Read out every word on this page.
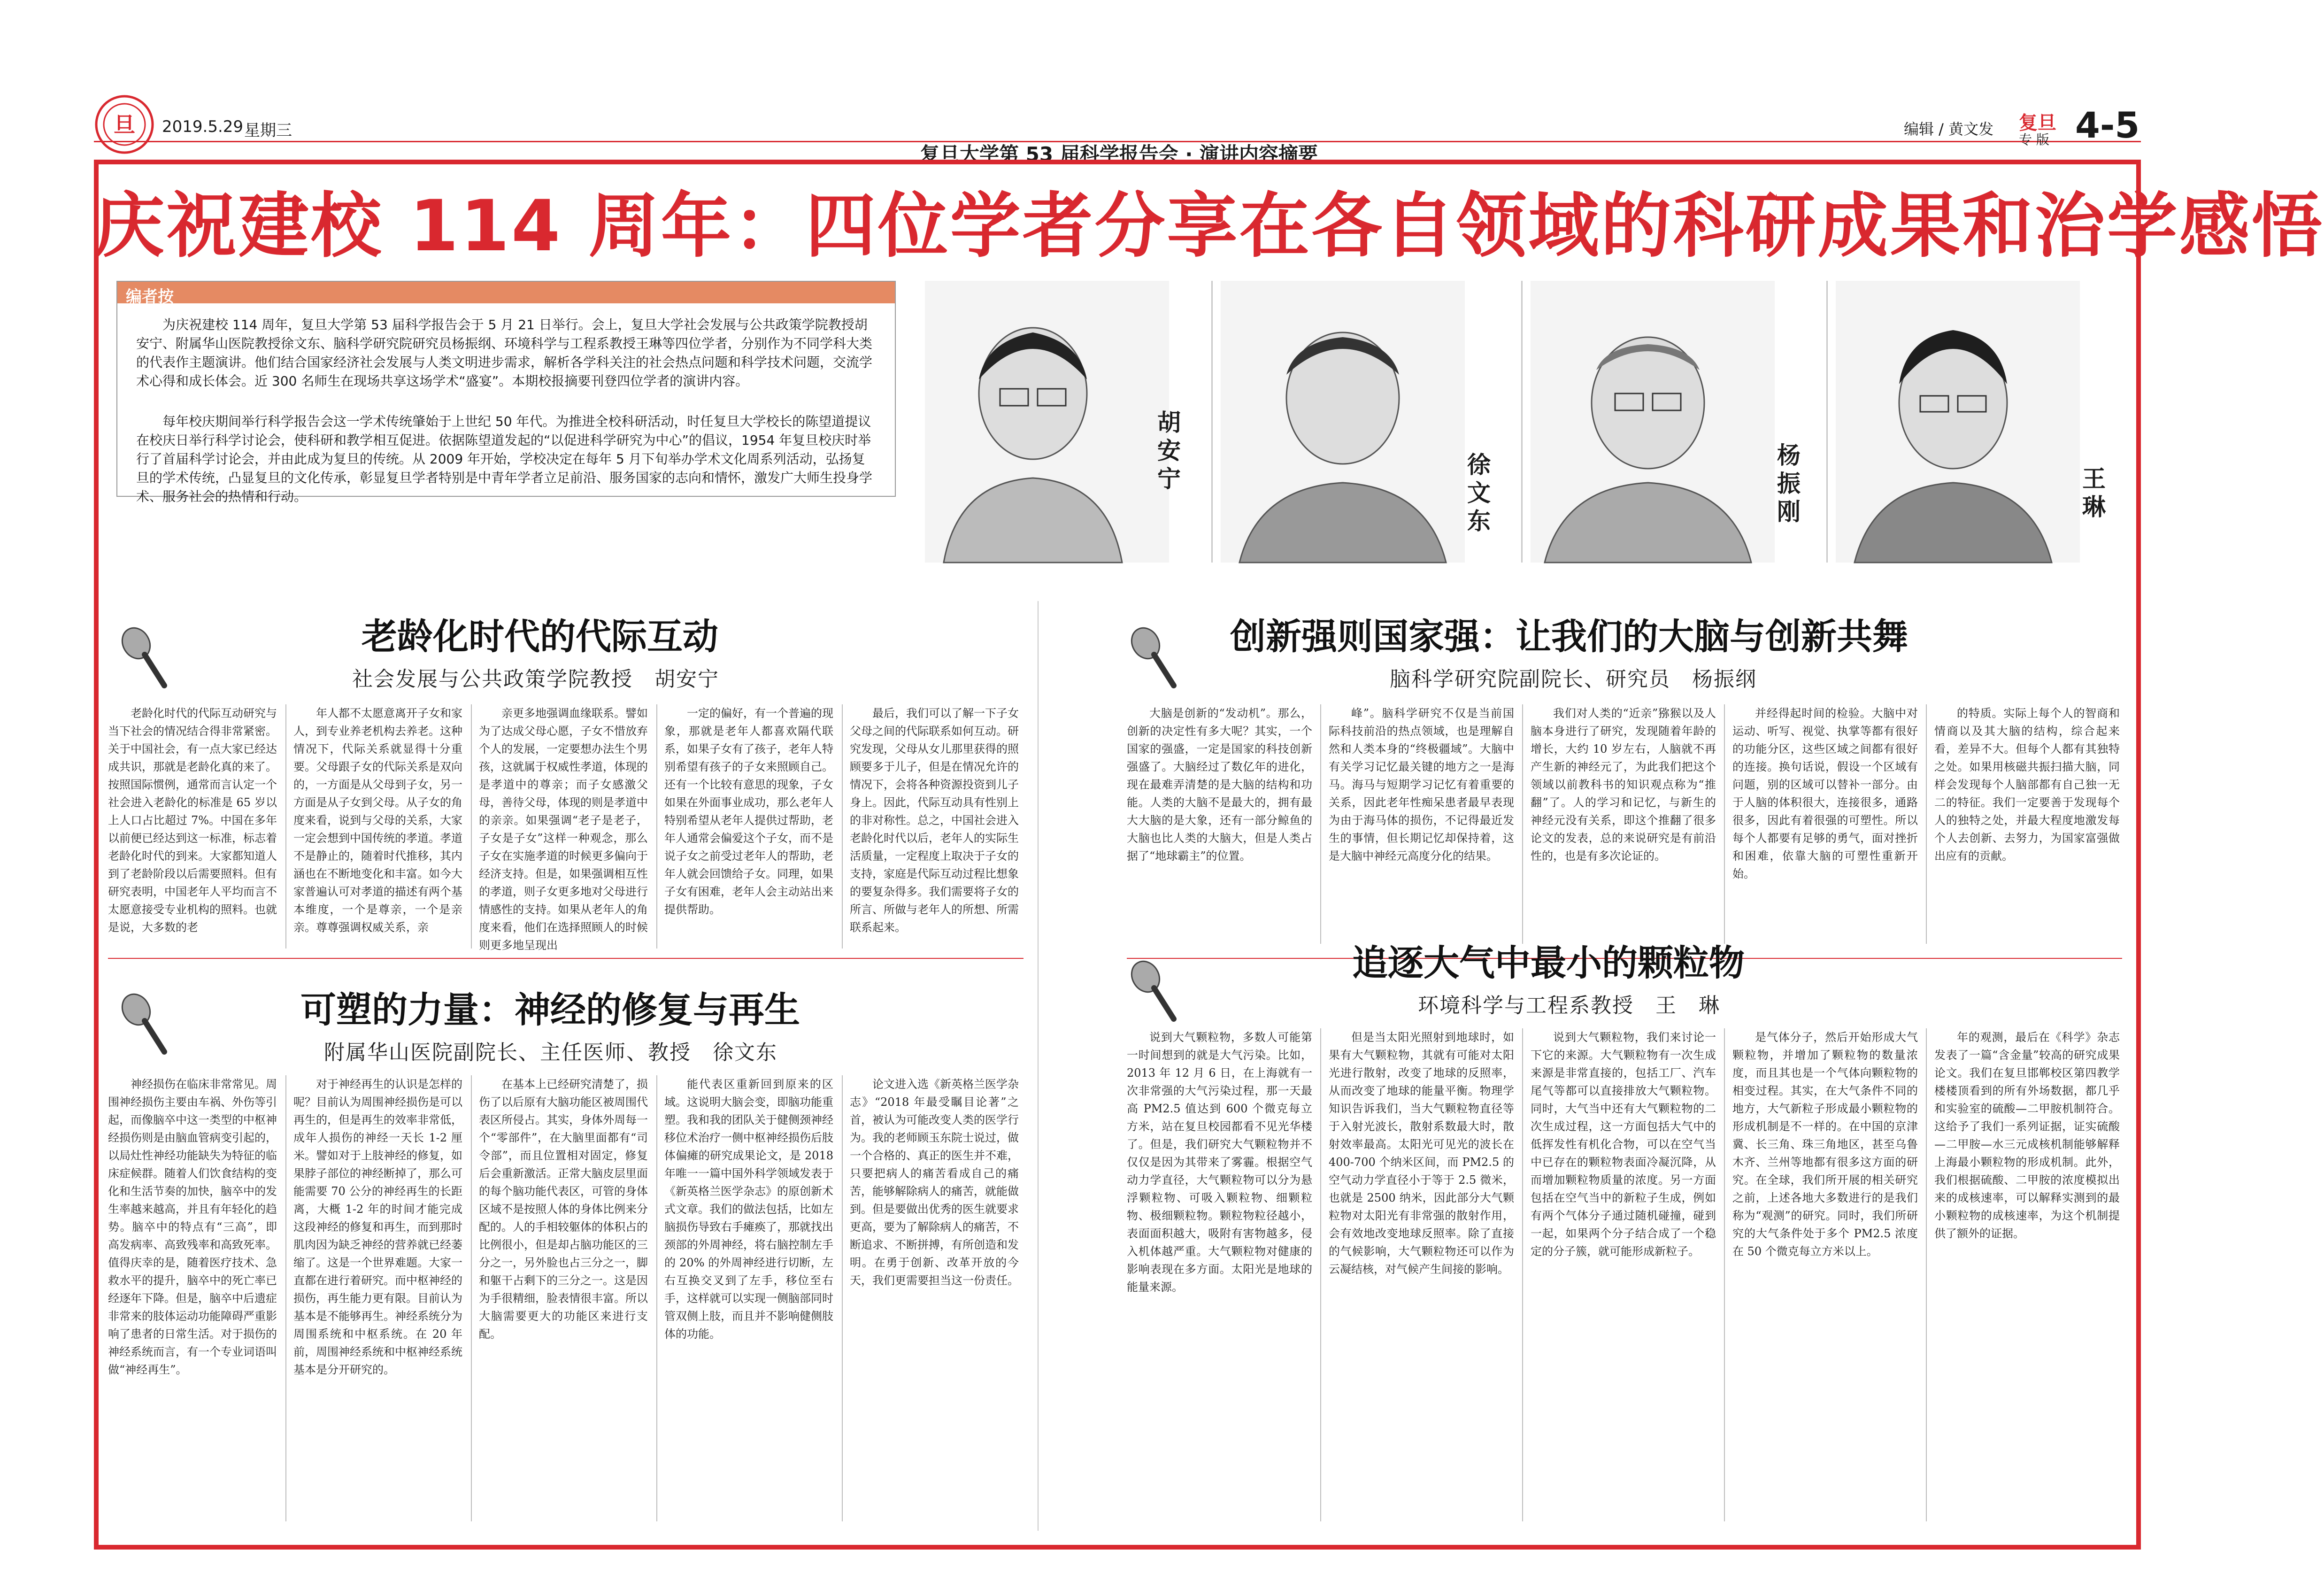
旦 2019.5.29 星期三
复旦大学第 53 届科学报告会 · 演讲内容摘要
编辑 / 黄文发 复旦
专 版 4-5
庆祝建校 114 周年：四位学者分享在各自领域的科研成果和治学感悟
编者按
为庆祝建校 114 周年，复旦大学第 53 届科学报告会于 5 月 21 日举行。会上，复旦大学社会发展与公共政策学院教授胡安宁、附属华山医院教授徐文东、脑科学研究院研究员杨振纲、环境科学与工程系教授王琳等四位学者，分别作为不同学科大类的代表作主题演讲。他们结合国家经济社会发展与人类文明进步需求，解析各学科关注的社会热点问题和科学技术问题，交流学术心得和成长体会。近 300 名师生在现场共享这场学术“盛宴”。本期校报摘要刊登四位学者的演讲内容。
每年校庆期间举行科学报告会这一学术传统肇始于上世纪 50 年代。为推进全校科研活动，时任复旦大学校长的陈望道提议在校庆日举行科学讨论会，使科研和教学相互促进。依据陈望道发起的“以促进科学研究为中心”的倡议，1954 年复旦校庆时举行了首届科学讨论会，并由此成为复旦的传统。从 2009 年开始，学校决定在每年 5 月下旬举办学术文化周系列活动，弘扬复旦的学术传统，凸显复旦的文化传承，彰显复旦学者特别是中青年学者立足前沿、服务国家的志向和情怀，激发广大师生投身学术、服务社会的热情和行动。
胡安宁
徐文东
杨振刚
王　琳
老龄化时代的代际互动
社会发展与公共政策学院教授　胡安宁

老龄化时代的代际互动研究与当下社会的情况结合得非常紧密。关于中国社会，有一点大家已经达成共识，那就是老龄化真的来了。按照国际惯例，通常而言认定一个社会进入老龄化的标准是 65 岁以上人口占比超过 7%。中国在多年以前便已经达到这一标准，标志着老龄化时代的到来。大家都知道人到了老龄阶段以后需要照料。但有研究表明，中国老年人平均而言不太愿意接受专业机构的照料。也就是说，大多数的老

年人都不太愿意离开子女和家人，到专业养老机构去养老。这种情况下，代际关系就显得十分重要。父母跟子女的代际关系是双向的，一方面是从父母到子女，另一方面是从子女到父母。从子女的角度来看，说到与父母的关系，大家一定会想到中国传统的孝道。孝道不是静止的，随着时代推移，其内涵也在不断地变化和丰富。如今大家普遍认可对孝道的描述有两个基本维度，一个是尊亲，一个是亲亲。尊尊强调权威关系，亲

亲更多地强调血缘联系。譬如为了达成父母心愿，子女不惜放弃个人的发展，一定要想办法生个男孩，这就属于权威性孝道，体现的是孝道中的尊亲；而子女感激父母，善待父母，体现的则是孝道中的亲亲。如果强调“老子是老子，子女是子女”这样一种观念，那么子女在实施孝道的时候更多偏向于经济支持。但是，如果强调相互性的孝道，则子女更多地对父母进行情感性的支持。如果从老年人的角度来看，他们在选择照顾人的时候则更多地呈现出

一定的偏好，有一个普遍的现象，那就是老年人都喜欢隔代联系，如果子女有了孩子，老年人特别希望有孩子的子女来照顾自己。还有一个比较有意思的现象，子女如果在外面事业成功，那么老年人特别希望从老年人提供过帮助，老年人通常会偏爱这个子女，而不是说子女之前受过老年人的帮助，老年人就会回馈给子女。同理，如果子女有困难，老年人会主动站出来提供帮助。

最后，我们可以了解一下子女父母之间的代际联系如何互动。研究发现，父母从女儿那里获得的照顾要多于儿子，但是在情况允许的情况下，会将各种资源投资到儿子身上。因此，代际互动具有性别上的非对称性。总之，中国社会进入老龄化时代以后，老年人的实际生活质量，一定程度上取决于子女的支持，家庭是代际互动过程比想象的要复杂得多。我们需要将子女的所言、所做与老年人的所想、所需联系起来。

可塑的力量：神经的修复与再生
附属华山医院副院长、主任医师、教授　徐文东

神经损伤在临床非常常见。周围神经损伤主要由车祸、外伤等引起，而像脑卒中这一类型的中枢神经损伤则是由脑血管病变引起的，以局灶性神经功能缺失为特征的临床症候群。随着人们饮食结构的变化和生活节奏的加快，脑卒中的发生率越来越高，并且有年轻化的趋势。脑卒中的特点有“三高”，即高发病率、高致残率和高致死率。值得庆幸的是，随着医疗技术、急救水平的提升，脑卒中的死亡率已经逐年下降。但是，脑卒中后遗症非常来的肢体运动功能障碍严重影响了患者的日常生活。对于损伤的神经系统而言，有一个专业词语叫做“神经再生”。

对于神经再生的认识是怎样的呢？目前认为周围神经损伤是可以再生的，但是再生的效率非常低，成年人损伤的神经一天长 1-2 厘米。譬如对于上肢神经的修复，如果脖子部位的神经断掉了，那么可能需要 70 公分的神经再生的长距离，大概 1-2 年的时间才能完成这段神经的修复和再生，而到那时肌肉因为缺乏神经的营养就已经萎缩了。这是一个世界难题。大家一直都在进行着研究。而中枢神经的损伤，再生能力更有限。目前认为基本是不能够再生。神经系统分为周围系统和中枢系统。在 20 年前，周围神经系统和中枢神经系统基本是分开研究的。

在基本上已经研究清楚了，损伤了以后原有大脑功能区被周围代表区所侵占。其实，身体外周每一个“零部件”，在大脑里面都有“司令部”，而且位置相对固定，修复后会重新激活。正常大脑皮层里面的每个脑功能代表区，可管的身体区域不是按照人体的身体比例来分配的。人的手相较躯体的体积占的比例很小，但是却占脑功能区的三分之一，另外脸也占三分之一，脚和躯干占剩下的三分之一。这是因为手很精细，脸表情很丰富。所以大脑需要更大的功能区来进行支配。

能代表区重新回到原来的区域。这说明大脑会变，即脑功能重塑。我和我的团队关于健侧颈神经移位术治疗一侧中枢神经损伤后肢体偏瘫的研究成果论文，是 2018 年唯一一篇中国外科学领域发表于《新英格兰医学杂志》的原创新术式文章。我们的做法包括，比如左脑损伤导致右手瘫痪了，那就找出颈部的外周神经，将右脑控制左手的 20% 的外周神经进行切断，左右互换交叉到了左手，移位至右手，这样就可以实现一侧脑部同时管双侧上肢，而且并不影响健侧肢体的功能。

论文进入选《新英格兰医学杂志》“2018 年最受瞩目论著”之首，被认为可能改变人类的医学行为。我的老师顾玉东院士说过，做一个合格的、真正的医生并不难，只要把病人的痛苦看成自己的痛苦，能够解除病人的痛苦，就能做到。但是要做出优秀的医生就要求更高，要为了解除病人的痛苦，不断追求、不断拼搏，有所创造和发明。在勇于创新、改革开放的今天，我们更需要担当这一份责任。

创新强则国家强：让我们的大脑与创新共舞
脑科学研究院副院长、研究员　杨振纲

大脑是创新的“发动机”。那么，创新的决定性有多大呢？其实，一个国家的强盛，一定是国家的科技创新强盛了。大脑经过了数亿年的进化，现在最难弄清楚的是大脑的结构和功能。人类的大脑不是最大的，拥有最大大脑的是大象，还有一部分鲸鱼的大脑也比人类的大脑大，但是人类占据了“地球霸主”的位置。

峰”。脑科学研究不仅是当前国际科技前沿的热点领域，也是理解自然和人类本身的“终极疆域”。大脑中有关学习记忆最关键的地方之一是海马。海马与短期学习记忆有着重要的关系，因此老年性痴呆患者最早表现为由于海马体的损伤，不记得最近发生的事情，但长期记忆却保持着，这是大脑中神经元高度分化的结果。

我们对人类的“近亲”猕猴以及人脑本身进行了研究，发现随着年龄的增长，大约 10 岁左右，人脑就不再产生新的神经元了，为此我们把这个领域以前教科书的知识观点称为“推翻”了。人的学习和记忆，与新生的神经元没有关系，即这个推翻了很多论文的发表，总的来说研究是有前沿性的，也是有多次论证的。

并经得起时间的检验。大脑中对运动、听写、视觉、执掌等都有很好的功能分区，这些区域之间都有很好的连接。换句话说，假设一个区域有问题，别的区域可以替补一部分。由于人脑的体积很大，连接很多，通路很多，因此有着很强的可塑性。所以每个人都要有足够的勇气，面对挫折和困难，依靠大脑的可塑性重新开始。

的特质。实际上每个人的智商和情商以及其大脑的结构，综合起来看，差异不大。但每个人都有其独特之处。如果用核磁共振扫描大脑，同样会发现每个人脑部都有自己独一无二的特征。我们一定要善于发现每个人的独特之处，并最大程度地激发每个人去创新、去努力，为国家富强做出应有的贡献。

追逐大气中最小的颗粒物
环境科学与工程系教授　王　琳

说到大气颗粒物，多数人可能第一时间想到的就是大气污染。比如，2013 年 12 月 6 日，在上海就有一次非常强的大气污染过程，那一天最高 PM2.5 值达到 600 个微克每立方米，站在复旦校园都看不见光华楼了。但是，我们研究大气颗粒物并不仅仅是因为其带来了雾霾。根据空气动力学直径，大气颗粒物可以分为悬浮颗粒物、可吸入颗粒物、细颗粒物、极细颗粒物。颗粒物粒径越小，表面面积越大，吸附有害物越多，侵入机体越严重。大气颗粒物对健康的影响表现在多方面。太阳光是地球的能量来源。

但是当太阳光照射到地球时，如果有大气颗粒物，其就有可能对太阳光进行散射，改变了地球的反照率，从而改变了地球的能量平衡。物理学知识告诉我们，当大气颗粒物直径等于入射光波长，散射系数最大时，散射效率最高。太阳光可见光的波长在 400-700 个纳米区间，而 PM2.5 的空气动力学直径小于等于 2.5 微米，也就是 2500 纳米，因此部分大气颗粒物对太阳光有非常强的散射作用，会有效地改变地球反照率。除了直接的气候影响，大气颗粒物还可以作为云凝结核，对气候产生间接的影响。

说到大气颗粒物，我们来讨论一下它的来源。大气颗粒物有一次生成来源是非常直接的，包括工厂、汽车尾气等都可以直接排放大气颗粒物。同时，大气当中还有大气颗粒物的二次生成过程，这一方面包括大气中的低挥发性有机化合物，可以在空气当中已存在的颗粒物表面冷凝沉降，从而增加颗粒物质量的浓度。另一方面包括在空气当中的新粒子生成，例如有两个气体分子通过随机碰撞，碰到一起，如果两个分子结合成了一个稳定的分子簇，就可能形成新粒子。

是气体分子，然后开始形成大气颗粒物，并增加了颗粒物的数量浓度，而且其也是一个气体向颗粒物的相变过程。其实，在大气条件不同的地方，大气新粒子形成最小颗粒物的形成机制是不一样的。在中国的京津冀、长三角、珠三角地区，甚至乌鲁木齐、兰州等地都有很多这方面的研究。在全球，我们所开展的相关研究之前，上述各地大多数进行的是我们称为“观测”的研究。同时，我们所研究的大气条件处于多个 PM2.5 浓度在 50 个微克每立方米以上。

年的观测，最后在《科学》杂志发表了一篇“含金量”较高的研究成果论文。我们在复旦邯郸校区第四教学楼楼顶看到的所有外场数据，都几乎和实验室的硫酸—二甲胺机制符合。这给予了我们一系列证据，证实硫酸—二甲胺—水三元成核机制能够解释上海最小颗粒物的形成机制。此外，我们根据硫酸、二甲胺的浓度模拟出来的成核速率，可以解释实测到的最小颗粒物的成核速率，为这个机制提供了额外的证据。
